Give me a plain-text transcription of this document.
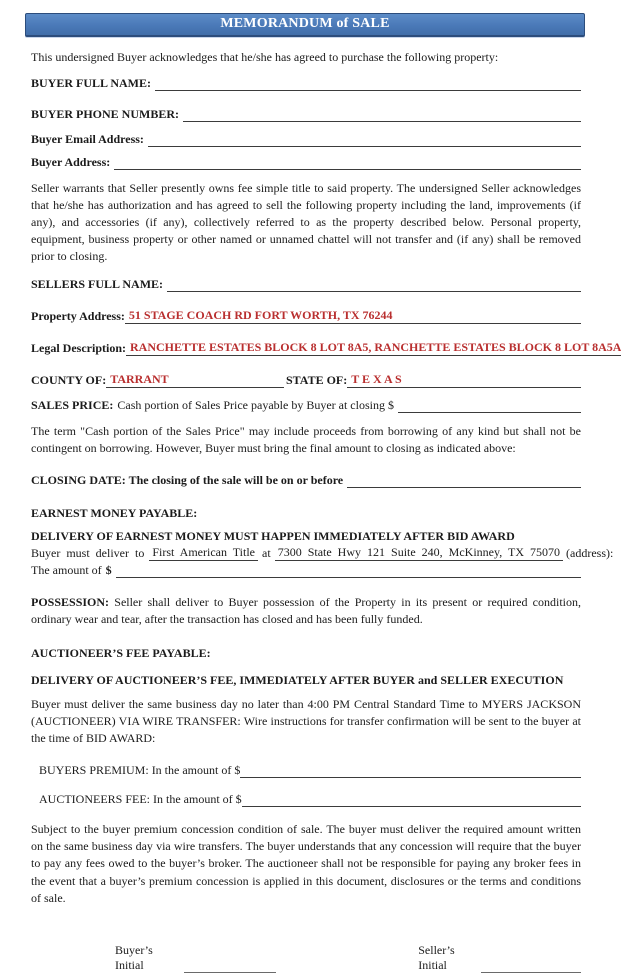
MEMORANDUM of SALE

This undersigned Buyer acknowledges that he/she has agreed to purchase the following property:

BUYER FULL NAME:
BUYER PHONE NUMBER:
Buyer Email Address:
Buyer Address:

Seller warrants that Seller presently owns fee simple title to said property. The undersigned Seller acknowledges that he/she has authorization and has agreed to sell the following property including the land, improvements (if any), and accessories (if any), collectively referred to as the property described below. Personal property, equipment, business property or other named or unnamed chattel will not transfer and (if any) shall be removed prior to closing.

SELLERS FULL NAME:
Property Address: 51 STAGE COACH RD FORT WORTH, TX 76244
Legal Description: RANCHETTE ESTATES BLOCK 8 LOT 8A5, RANCHETTE ESTATES BLOCK 8 LOT 8A5A
COUNTY OF: TARRANT	STATE OF: T E X A S
SALES PRICE: Cash portion of Sales Price payable by Buyer at closing $

The term "Cash portion of the Sales Price" may include proceeds from borrowing of any kind but shall not be contingent on borrowing. However, Buyer must bring the final amount to closing as indicated above:

CLOSING DATE: The closing of the sale will be on or before
EARNEST MONEY PAYABLE:
DELIVERY OF EARNEST MONEY MUST HAPPEN IMMEDIATELY AFTER BID AWARD
Buyer must deliver to First American Title at 7300 State Hwy 121 Suite 240, McKinney, TX 75070 (address):
The amount of $

POSSESSION: Seller shall deliver to Buyer possession of the Property in its present or required condition, ordinary wear and tear, after the transaction has closed and has been fully funded.

AUCTIONEER’S FEE PAYABLE:
DELIVERY OF AUCTIONEER’S FEE, IMMEDIATELY AFTER BUYER and SELLER EXECUTION

Buyer must deliver the same business day no later than 4:00 PM Central Standard Time to MYERS JACKSON (AUCTIONEER) VIA WIRE TRANSFER: Wire instructions for transfer confirmation will be sent to the buyer at the time of BID AWARD:

BUYERS PREMIUM: In the amount of $
AUCTIONEERS FEE: In the amount of $

Subject to the buyer premium concession condition of sale. The buyer must deliver the required amount written on the same business day via wire transfers. The buyer understands that any concession will require that the buyer to pay any fees owed to the buyer’s broker. The auctioneer shall not be responsible for paying any broker fees in the event that a buyer’s premium concession is applied in this document, disclosures or the terms and conditions of sale.

Buyer’s Initial
Seller’s Initial
